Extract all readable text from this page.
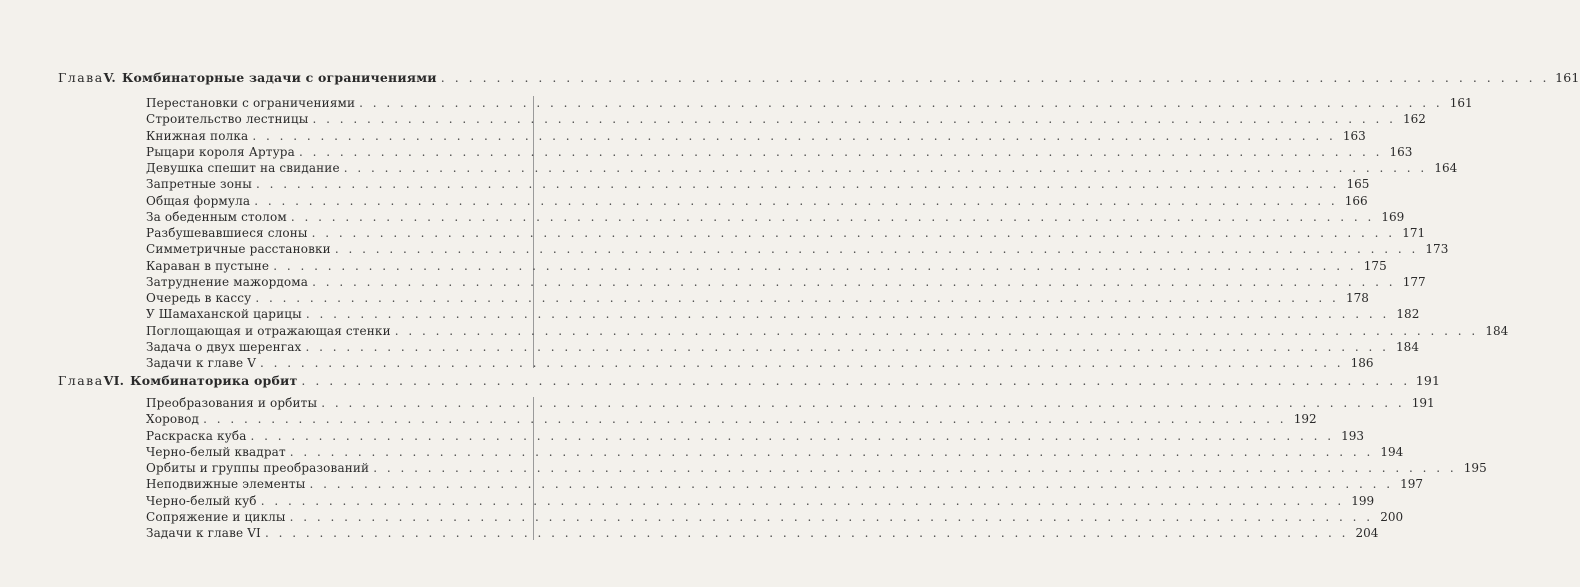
Глава V. Комбинаторные задачи с ограничениями . . . . . . . . . . . . . . . . . . . . . . . . . . . . . . . . . . . . . . . . . . . . . . . . . . . . . . . . . . . . . . . . . . . . . . . . . . . . . . . . 161
Перестановки с ограничениями . . . . . . . . . . . . . . . . . . . . . . . . . . . . . . . . . . . . . . . . . . . . . . . . . . . . . . . . . . . . . . . . . . . . . . . . . . . . . . . . 161
Строительство лестницы . . . . . . . . . . . . . . . . . . . . . . . . . . . . . . . . . . . . . . . . . . . . . . . . . . . . . . . . . . . . . . . . . . . . . . . . . . . . . . . . 162
Книжная полка . . . . . . . . . . . . . . . . . . . . . . . . . . . . . . . . . . . . . . . . . . . . . . . . . . . . . . . . . . . . . . . . . . . . . . . . . . . . . . . . 163
Рыцари короля Артура . . . . . . . . . . . . . . . . . . . . . . . . . . . . . . . . . . . . . . . . . . . . . . . . . . . . . . . . . . . . . . . . . . . . . . . . . . . . . . . . 163
Девушка спешит на свидание . . . . . . . . . . . . . . . . . . . . . . . . . . . . . . . . . . . . . . . . . . . . . . . . . . . . . . . . . . . . . . . . . . . . . . . . . . . . . . . . 164
Запретные зоны . . . . . . . . . . . . . . . . . . . . . . . . . . . . . . . . . . . . . . . . . . . . . . . . . . . . . . . . . . . . . . . . . . . . . . . . . . . . . . . . 165
Общая формула . . . . . . . . . . . . . . . . . . . . . . . . . . . . . . . . . . . . . . . . . . . . . . . . . . . . . . . . . . . . . . . . . . . . . . . . . . . . . . . . 166
За обеденным столом . . . . . . . . . . . . . . . . . . . . . . . . . . . . . . . . . . . . . . . . . . . . . . . . . . . . . . . . . . . . . . . . . . . . . . . . . . . . . . . . 169
Разбушевавшиеся слоны . . . . . . . . . . . . . . . . . . . . . . . . . . . . . . . . . . . . . . . . . . . . . . . . . . . . . . . . . . . . . . . . . . . . . . . . . . . . . . . . 171
Симметричные расстановки . . . . . . . . . . . . . . . . . . . . . . . . . . . . . . . . . . . . . . . . . . . . . . . . . . . . . . . . . . . . . . . . . . . . . . . . . . . . . . . . 173
Караван в пустыне . . . . . . . . . . . . . . . . . . . . . . . . . . . . . . . . . . . . . . . . . . . . . . . . . . . . . . . . . . . . . . . . . . . . . . . . . . . . . . . . 175
Затруднение мажордома . . . . . . . . . . . . . . . . . . . . . . . . . . . . . . . . . . . . . . . . . . . . . . . . . . . . . . . . . . . . . . . . . . . . . . . . . . . . . . . . 177
Очередь в кассу . . . . . . . . . . . . . . . . . . . . . . . . . . . . . . . . . . . . . . . . . . . . . . . . . . . . . . . . . . . . . . . . . . . . . . . . . . . . . . . . 178
У Шамаханской царицы . . . . . . . . . . . . . . . . . . . . . . . . . . . . . . . . . . . . . . . . . . . . . . . . . . . . . . . . . . . . . . . . . . . . . . . . . . . . . . . . 182
Поглощающая и отражающая стенки . . . . . . . . . . . . . . . . . . . . . . . . . . . . . . . . . . . . . . . . . . . . . . . . . . . . . . . . . . . . . . . . . . . . . . . . . . . . . . . . 184
Задача о двух шеренгах . . . . . . . . . . . . . . . . . . . . . . . . . . . . . . . . . . . . . . . . . . . . . . . . . . . . . . . . . . . . . . . . . . . . . . . . . . . . . . . . 184
Задачи к главе V . . . . . . . . . . . . . . . . . . . . . . . . . . . . . . . . . . . . . . . . . . . . . . . . . . . . . . . . . . . . . . . . . . . . . . . . . . . . . . . . 186
Глава VI. Комбинаторика орбит . . . . . . . . . . . . . . . . . . . . . . . . . . . . . . . . . . . . . . . . . . . . . . . . . . . . . . . . . . . . . . . . . . . . . . . . . . . . . . . . 191
Преобразования и орбиты . . . . . . . . . . . . . . . . . . . . . . . . . . . . . . . . . . . . . . . . . . . . . . . . . . . . . . . . . . . . . . . . . . . . . . . . . . . . . . . . 191
Хоровод . . . . . . . . . . . . . . . . . . . . . . . . . . . . . . . . . . . . . . . . . . . . . . . . . . . . . . . . . . . . . . . . . . . . . . . . . . . . . . . . 192
Раскраска куба . . . . . . . . . . . . . . . . . . . . . . . . . . . . . . . . . . . . . . . . . . . . . . . . . . . . . . . . . . . . . . . . . . . . . . . . . . . . . . . . 193
Черно-белый квадрат . . . . . . . . . . . . . . . . . . . . . . . . . . . . . . . . . . . . . . . . . . . . . . . . . . . . . . . . . . . . . . . . . . . . . . . . . . . . . . . . 194
Орбиты и группы преобразований . . . . . . . . . . . . . . . . . . . . . . . . . . . . . . . . . . . . . . . . . . . . . . . . . . . . . . . . . . . . . . . . . . . . . . . . . . . . . . . . 195
Неподвижные элементы . . . . . . . . . . . . . . . . . . . . . . . . . . . . . . . . . . . . . . . . . . . . . . . . . . . . . . . . . . . . . . . . . . . . . . . . . . . . . . . . 197
Черно-белый куб . . . . . . . . . . . . . . . . . . . . . . . . . . . . . . . . . . . . . . . . . . . . . . . . . . . . . . . . . . . . . . . . . . . . . . . . . . . . . . . . 199
Сопряжение и циклы . . . . . . . . . . . . . . . . . . . . . . . . . . . . . . . . . . . . . . . . . . . . . . . . . . . . . . . . . . . . . . . . . . . . . . . . . . . . . . . . 200
Задачи к главе VI . . . . . . . . . . . . . . . . . . . . . . . . . . . . . . . . . . . . . . . . . . . . . . . . . . . . . . . . . . . . . . . . . . . . . . . . . . . . . . . . 204
